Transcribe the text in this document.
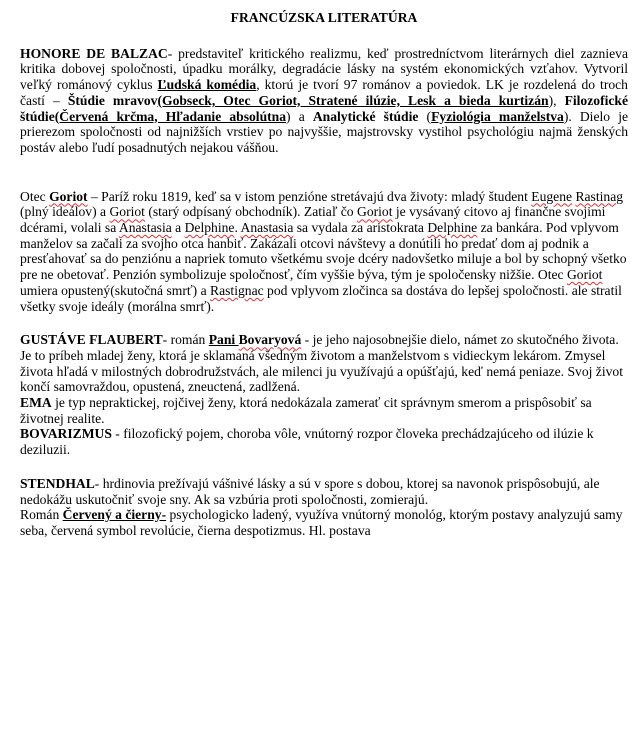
FRANCÚZSKA LITERATÚRA

HONORE DE BALZAC- predstaviteľ kritického realizmu, keď prostredníctvom literárnych diel zaznieva kritika dobovej spoločnosti, úpadku morálky, degradácie lásky na systém ekonomických vzťahov. Vytvoril veľký románový cyklus Ľudská komédia, ktorú je tvorí 97 románov a poviedok. LK je rozdelená do troch častí – Štúdie mravov(Gobseck, Otec Goriot, Stratené ilúzie, Lesk a bieda kurtizán), Filozofické štúdie(Červená krčma, Hľadanie absolútna) a Analytické štúdie (Fyziológia manželstva). Dielo je prierezom spoločnosti od najnižších vrstiev po najvyššie, majstrovsky vystihol psychológiu najmä ženských postáv alebo ľudí posadnutých nejakou vášňou.

Otec Goriot – Paríž roku 1819, keď sa v istom penzióne stretávajú dva životy: mladý študent Eugene Rastinag (plný ideálov) a Goriot (starý odpísaný obchodník). Zatiaľ čo Goriot je vysávaný citovo aj finančne svojimi dcérami, volali sa Anastasia a Delphine. Anastasia sa vydala za aristokrata Delphine za bankára. Pod vplyvom manželov sa začali za svojho otca hanbiť. Zakázali otcovi návštevy a donútili ho predať dom aj podnik a presťahovať sa do penziónu a napriek tomuto všetkému svoje dcéry nadovšetko miluje a bol by schopný všetko pre ne obetovať. Penzión symbolizuje spoločnosť, čím vyššie býva, tým je spoločensky nižšie. Otec Goriot umiera opustený(skutočná smrť) a Rastignac pod vplyvom zločinca sa dostáva do lepšej spoločnosti. ale stratil všetky svoje ideály (morálna smrť).

GUSTÁVE FLAUBERT- román Pani Bovaryová - je jeho najosobnejšie dielo, námet zo skutočného života. Je to príbeh mladej ženy, ktorá je sklamaná všedným životom a manželstvom s vidieckym lekárom. Zmysel života hľadá v milostných dobrodružstvách, ale milenci ju využívajú a opúšťajú, keď nemá peniaze. Svoj život končí samovraždou, opustená, zneuctená, zadlžená.

EMA je typ nepraktickej, rojčivej ženy, ktorá nedokázala zamerať cit správnym smerom a prispôsobiť sa životnej realite.

BOVARIZMUS - filozofický pojem, choroba vôle, vnútorný rozpor človeka prechádzajúceho od ilúzie k deziluzii.

STENDHAL- hrdinovia prežívajú vášnivé lásky a sú v spore s dobou, ktorej sa navonok prispôsobujú, ale nedokážu uskutočniť svoje sny. Ak sa vzbúria proti spoločnosti, zomierajú.

Román Červený a čierny- psychologicko ladený, využíva vnútorný monológ, ktorým postavy analyzujú samy seba, červená symbol revolúcie, čierna despotizmus. Hl. postava
